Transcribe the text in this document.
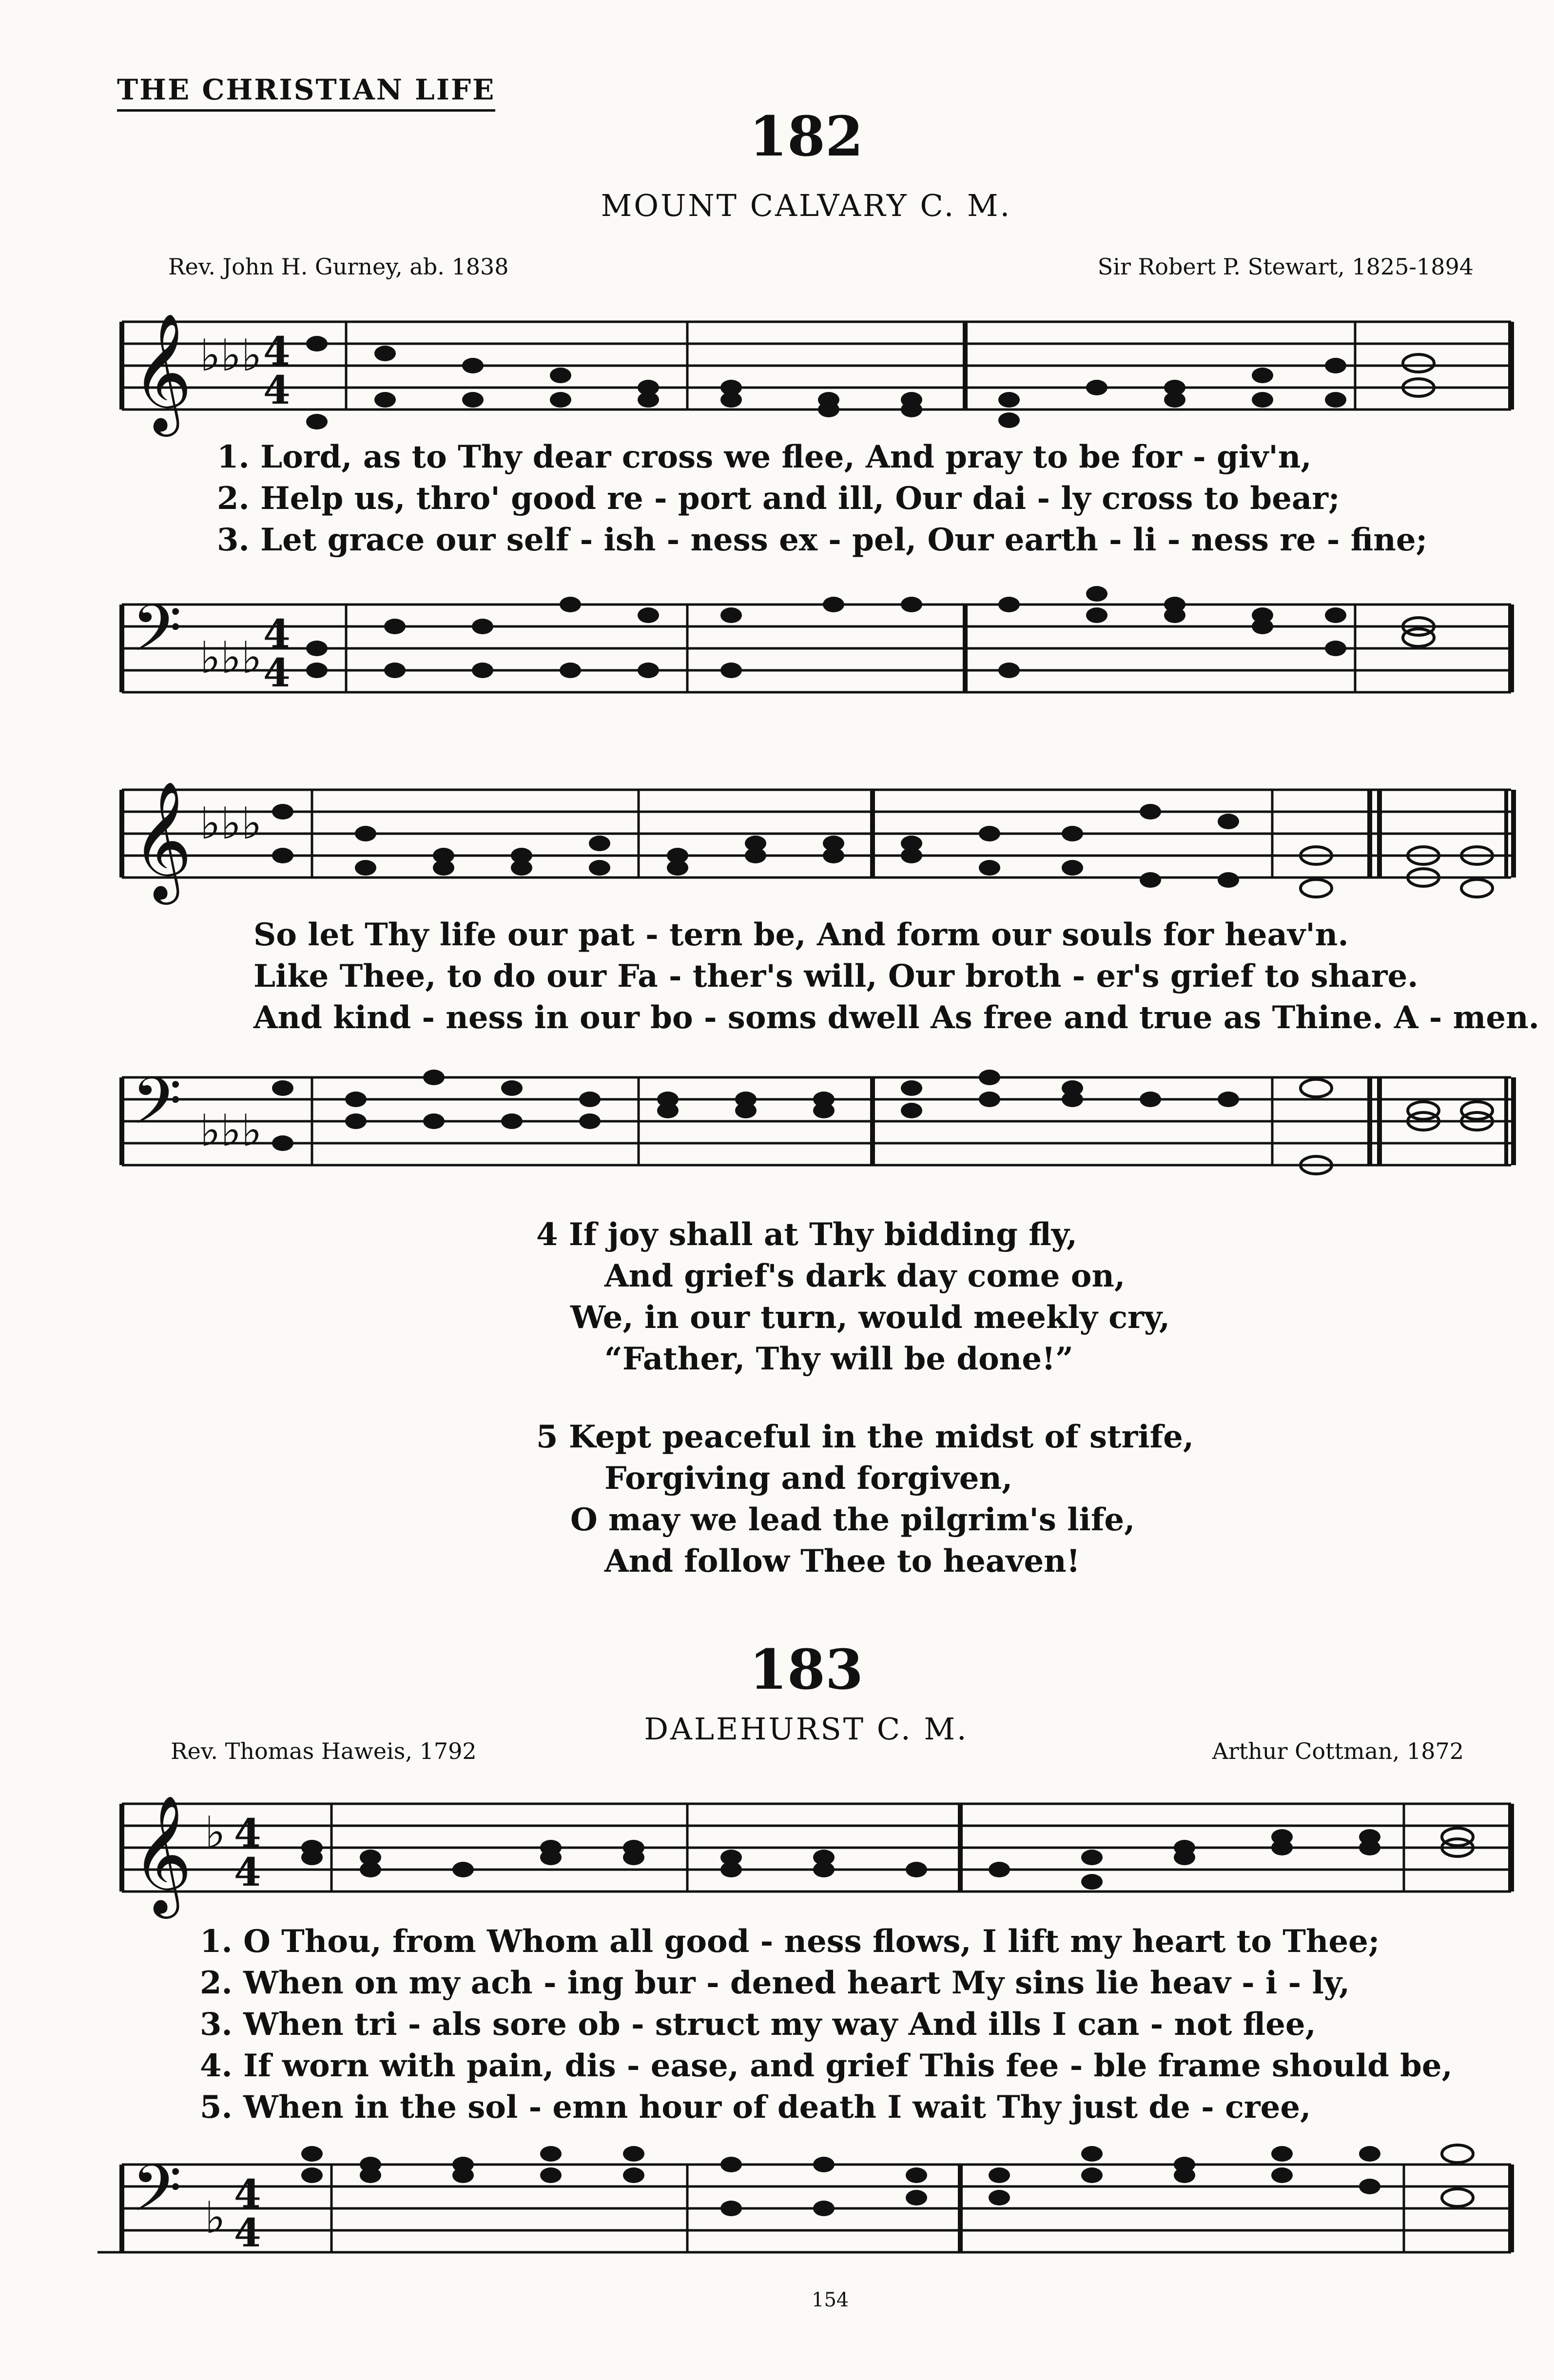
THE CHRISTIAN LIFE
182
MOUNT CALVARY C. M.
Rev. John H. Gurney, ab. 1838	Sir Robert P. Stewart, 1825-1894
𝄞 ♭♭♭ 4
4
1. Lord, as to Thy dear cross we flee, And pray to be for - giv'n,
2. Help us, thro' good re - port and ill, Our dai - ly cross to bear;
3. Let grace our self - ish - ness ex - pel, Our earth - li - ness re - fine;
𝄢 ♭♭♭ 4
4
𝄞 ♭♭♭
So let Thy life our pat - tern be, And form our souls for heav'n.
Like Thee, to do our Fa - ther's will, Our broth - er's grief to share.
And kind - ness in our bo - soms dwell As free and true as Thine. A - men.
𝄢 ♭♭♭
4 If joy shall at Thy bidding fly,
And grief's dark day come on,
We, in our turn, would meekly cry,
“Father, Thy will be done!”
5 Kept peaceful in the midst of strife,
Forgiving and forgiven,
O may we lead the pilgrim's life,
And follow Thee to heaven!
183
DALEHURST C. M.
Rev. Thomas Haweis, 1792	Arthur Cottman, 1872
𝄞 ♭ 4
4
1. O Thou, from Whom all good - ness flows, I lift my heart to Thee;
2. When on my ach - ing bur - dened heart My sins lie heav - i - ly,
3. When tri - als sore ob - struct my way And ills I can - not flee,
4. If worn with pain, dis - ease, and grief This fee - ble frame should be,
5. When in the sol - emn hour of death I wait Thy just de - cree,
𝄢 ♭ 4
4
154
